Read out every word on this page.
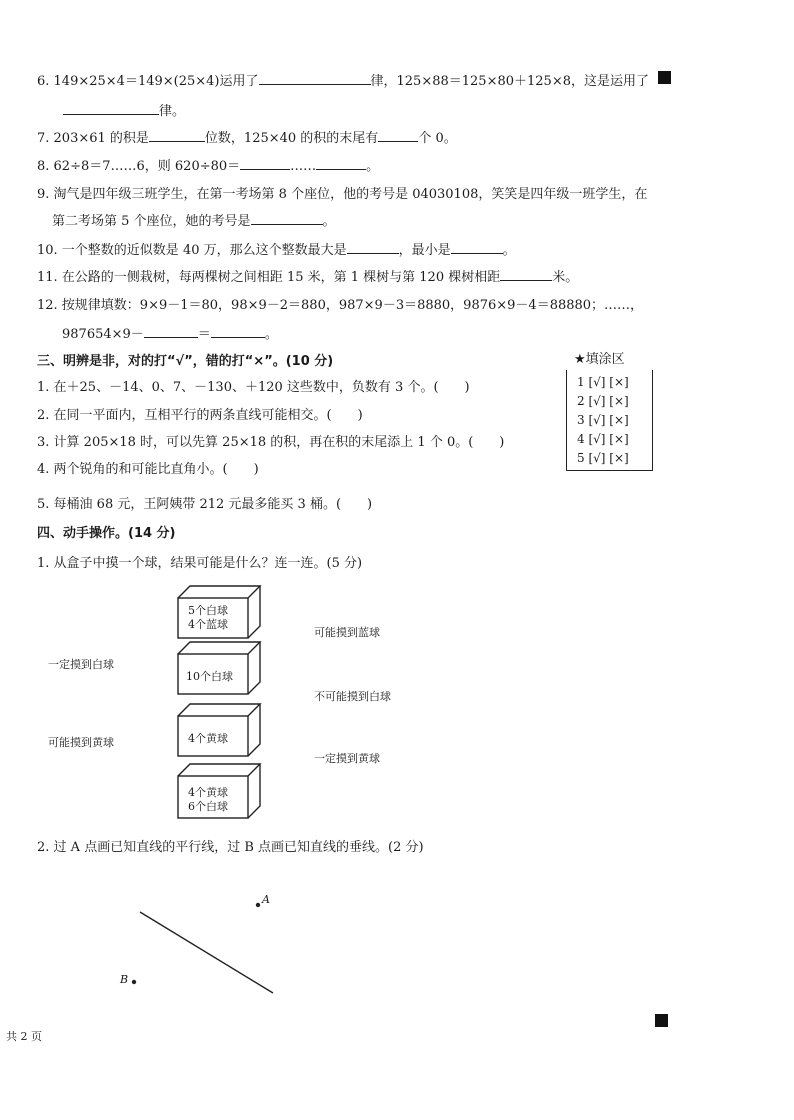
6. 149×25×4＝149×(25×4)运用了	律，125×88＝125×80＋125×8，这是运用了
律。
7. 203×61 的积是	位数，125×40 的积的末尾有	个 0。
8. 62÷8＝7……6，则 620÷80＝	……	。
9. 淘气是四年级三班学生，在第一考场第 8 个座位，他的考号是 04030108，笑笑是四年级一班学生，在
第二考场第 5 个座位，她的考号是	。
10. 一个整数的近似数是 40 万，那么这个整数最大是	，最小是	。
11. 在公路的一侧栽树，每两棵树之间相距 15 米，第 1 棵树与第 120 棵树相距	米。
12. 按规律填数：9×9－1＝80，98×9－2＝880，987×9－3＝8880，9876×9－4＝88880；……，
987654×9－	＝	。
三、明辨是非，对的打“√”，错的打“×”。(10 分)
1. 在＋25、－14、0、7、－130、＋120 这些数中，负数有 3 个。(　　)
2. 在同一平面内，互相平行的两条直线可能相交。(　　)
3. 计算 205×18 时，可以先算 25×18 的积，再在积的末尾添上 1 个 0。(　　)
4. 两个锐角的和可能比直角小。(　　)
5. 每桶油 68 元，王阿姨带 212 元最多能买 3 桶。(　　)
★填涂区
1 [√] [×]
2 [√] [×]
3 [√] [×]
4 [√] [×]
5 [√] [×]
四、动手操作。(14 分)
1. 从盒子中摸一个球，结果可能是什么？连一连。(5 分)
5个白球
4个蓝球
10个白球
4个黄球
4个黄球
6个白球
一定摸到白球
可能摸到黄球
可能摸到蓝球
不可能摸到白球
一定摸到黄球
2. 过 A 点画已知直线的平行线，过 B 点画已知直线的垂线。(2 分)
A
B
共 2 页
